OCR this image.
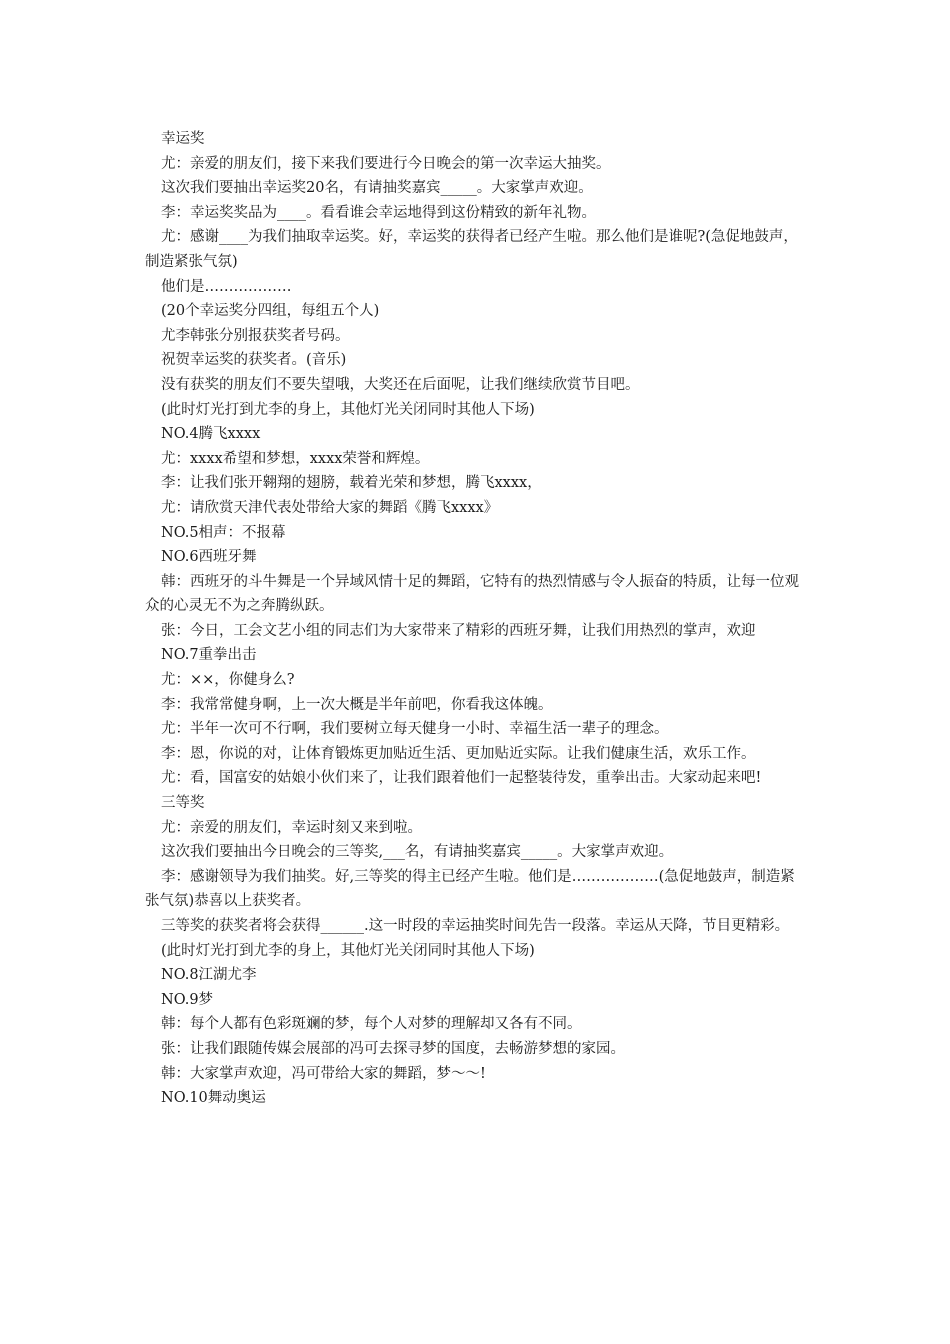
幸运奖

尤：亲爱的朋友们，接下来我们要进行今日晚会的第一次幸运大抽奖。

这次我们要抽出幸运奖20名，有请抽奖嘉宾_____。大家掌声欢迎。

李：幸运奖奖品为____。看看谁会幸运地得到这份精致的新年礼物。

尤：感谢____为我们抽取幸运奖。好，幸运奖的获得者已经产生啦。那么他们是谁呢?(急促地鼓声，制造紧张气氛)

他们是………………

(20个幸运奖分四组，每组五个人)

尤李韩张分别报获奖者号码。

祝贺幸运奖的获奖者。(音乐)

没有获奖的朋友们不要失望哦，大奖还在后面呢，让我们继续欣赏节目吧。

(此时灯光打到尤李的身上，其他灯光关闭同时其他人下场)

NO.4腾飞xxxx

尤：xxxx希望和梦想，xxxx荣誉和辉煌。

李：让我们张开翱翔的翅膀，载着光荣和梦想，腾飞xxxx，

尤：请欣赏天津代表处带给大家的舞蹈《腾飞xxxx》

NO.5相声：不报幕

NO.6西班牙舞

韩：西班牙的斗牛舞是一个异域风情十足的舞蹈，它特有的热烈情感与令人振奋的特质，让每一位观众的心灵无不为之奔腾纵跃。

张：今日，工会文艺小组的同志们为大家带来了精彩的西班牙舞，让我们用热烈的掌声，欢迎

NO.7重拳出击

尤：××，你健身么?

李：我常常健身啊，上一次大概是半年前吧，你看我这体魄。

尤：半年一次可不行啊，我们要树立每天健身一小时、幸福生活一辈子的理念。

李：恩，你说的对，让体育锻炼更加贴近生活、更加贴近实际。让我们健康生活，欢乐工作。

尤：看，国富安的姑娘小伙们来了，让我们跟着他们一起整装待发，重拳出击。大家动起来吧!

三等奖

尤：亲爱的朋友们，幸运时刻又来到啦。

这次我们要抽出今日晚会的三等奖,___名，有请抽奖嘉宾_____。大家掌声欢迎。

李：感谢领导为我们抽奖。好,三等奖的得主已经产生啦。他们是………………(急促地鼓声，制造紧张气氛)恭喜以上获奖者。

三等奖的获奖者将会获得______.这一时段的幸运抽奖时间先告一段落。幸运从天降，节目更精彩。

(此时灯光打到尤李的身上，其他灯光关闭同时其他人下场)

NO.8江湖尤李

NO.9梦

韩：每个人都有色彩斑斓的梦，每个人对梦的理解却又各有不同。

张：让我们跟随传媒会展部的冯可去探寻梦的国度，去畅游梦想的家园。

韩：大家掌声欢迎，冯可带给大家的舞蹈，梦～～!

NO.10舞动奥运
